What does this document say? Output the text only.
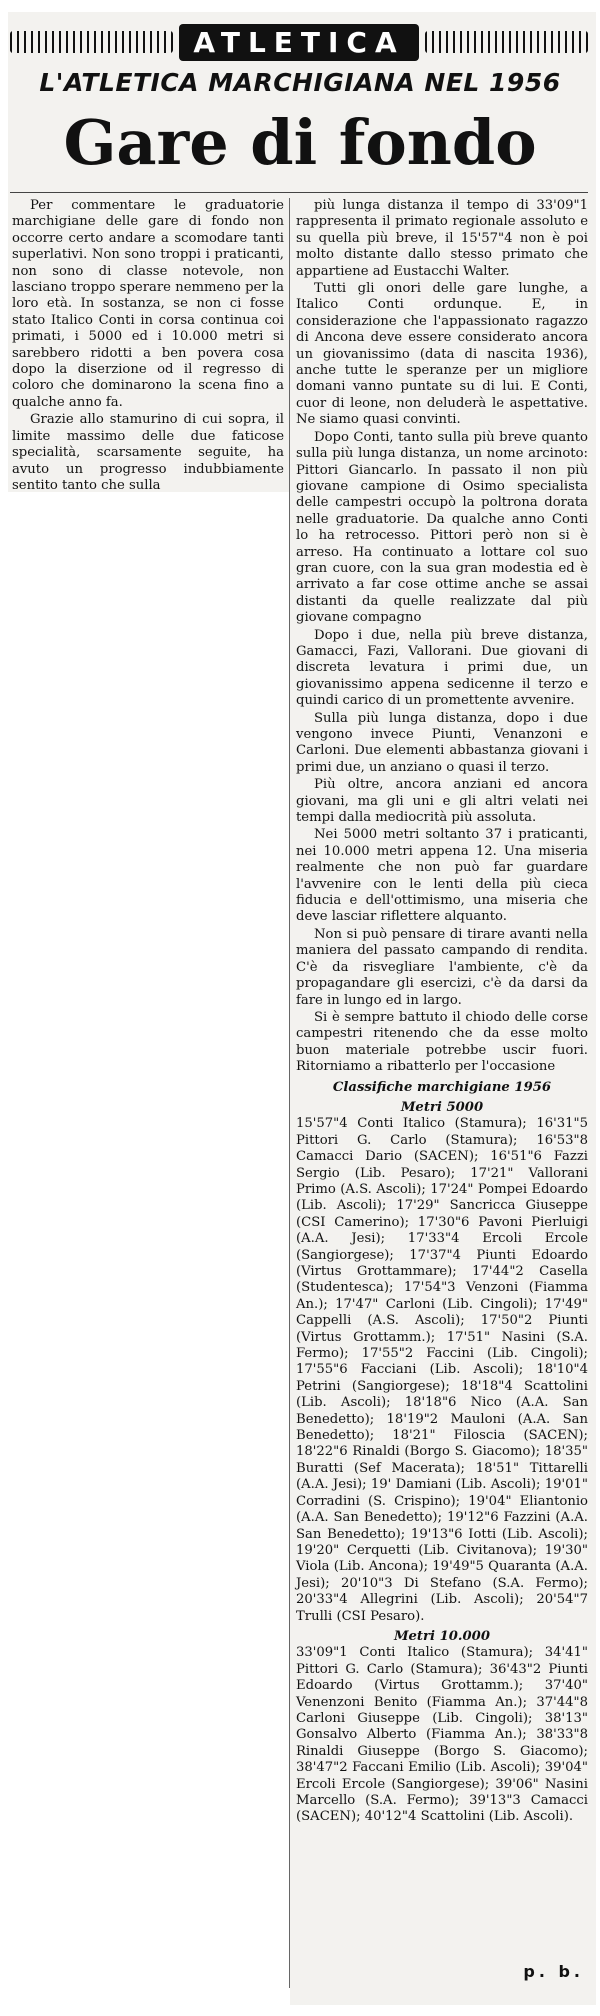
ATLETICA
L'ATLETICA MARCHIGIANA NEL 1956
Gare di fondo

Per commentare le graduatorie marchigiane delle gare di fondo non occorre certo andare a scomodare tanti superlativi. Non sono troppi i praticanti, non sono di classe notevole, non lasciano troppo sperare nemmeno per la loro età. In sostanza, se non ci fosse stato Italico Conti in corsa continua coi primati, i 5000 ed i 10.000 metri si sarebbero ridotti a ben povera cosa dopo la diserzione od il regresso di coloro che dominarono la scena fino a qualche anno fa.

Grazie allo stamurino di cui sopra, il limite massimo delle due faticose specialità, scarsamente seguite, ha avuto un progresso indubbiamente sentito tanto che sulla

più lunga distanza il tempo di 33'09"1 rappresenta il primato regionale assoluto e su quella più breve, il 15'57"4 non è poi molto distante dallo stesso primato che appartiene ad Eustacchi Walter.

Tutti gli onori delle gare lunghe, a Italico Conti ordunque. E, in considerazione che l'appassionato ragazzo di Ancona deve essere considerato ancora un giovanissimo (data di nascita 1936), anche tutte le speranze per un migliore domani vanno puntate su di lui. E Conti, cuor di leone, non deluderà le aspettative. Ne siamo quasi convinti.

Dopo Conti, tanto sulla più breve quanto sulla più lunga distanza, un nome arcinoto: Pittori Giancarlo. In passato il non più giovane campione di Osimo specialista delle campestri occupò la poltrona dorata nelle graduatorie. Da qualche anno Conti lo ha retrocesso. Pittori però non si è arreso. Ha continuato a lottare col suo gran cuore, con la sua gran modestia ed è arrivato a far cose ottime anche se assai distanti da quelle realizzate dal più giovane compagno

Dopo i due, nella più breve distanza, Gamacci, Fazi, Vallorani. Due giovani di discreta levatura i primi due, un giovanissimo appena sedicenne il terzo e quindi carico di un promettente avvenire.

Sulla più lunga distanza, dopo i due vengono invece Piunti, Venanzoni e Carloni. Due elementi abbastanza giovani i primi due, un anziano o quasi il terzo.

Più oltre, ancora anziani ed ancora giovani, ma gli uni e gli altri velati nei tempi dalla mediocrità più assoluta.

Nei 5000 metri soltanto 37 i praticanti, nei 10.000 metri appena 12. Una miseria realmente che non può far guardare l'avvenire con le lenti della più cieca fiducia e dell'ottimismo, una miseria che deve lasciar riflettere alquanto.

Non si può pensare di tirare avanti nella maniera del passato campando di rendita. C'è da risvegliare l'ambiente, c'è da propagandare gli esercizi, c'è da darsi da fare in lungo ed in largo.

Si è sempre battuto il chiodo delle corse campestri ritenendo che da esse molto buon materiale potrebbe uscir fuori. Ritorniamo a ribatterlo per l'occasione

Classifiche marchigiane 1956
Metri 5000

15'57"4 Conti Italico (Stamura); 16'31"5 Pittori G. Carlo (Stamura); 16'53"8 Camacci Dario (SACEN); 16'51"6 Fazzi Sergio (Lib. Pesaro); 17'21" Vallorani Primo (A.S. Ascoli); 17'24" Pompei Edoardo (Lib. Ascoli); 17'29" Sancricca Giuseppe (CSI Camerino); 17'30"6 Pavoni Pierluigi (A.A. Jesi); 17'33"4 Ercoli Ercole (Sangiorgese); 17'37"4 Piunti Edoardo (Virtus Grottammare); 17'44"2 Casella (Studentesca); 17'54"3 Venzoni (Fiamma An.); 17'47" Carloni (Lib. Cingoli); 17'49" Cappelli (A.S. Ascoli); 17'50"2 Piunti (Virtus Grottamm.); 17'51" Nasini (S.A. Fermo); 17'55"2 Faccini (Lib. Cingoli); 17'55"6 Facciani (Lib. Ascoli); 18'10"4 Petrini (Sangiorgese); 18'18"4 Scattolini (Lib. Ascoli); 18'18"6 Nico (A.A. San Benedetto); 18'19"2 Mauloni (A.A. San Benedetto); 18'21" Filoscia (SACEN); 18'22"6 Rinaldi (Borgo S. Giacomo); 18'35" Buratti (Sef Macerata); 18'51" Tittarelli (A.A. Jesi); 19' Damiani (Lib. Ascoli); 19'01" Corradini (S. Crispino); 19'04" Eliantonio (A.A. San Benedetto); 19'12"6 Fazzini (A.A. San Benedetto); 19'13"6 Iotti (Lib. Ascoli); 19'20" Cerquetti (Lib. Civitanova); 19'30" Viola (Lib. Ancona); 19'49"5 Quaranta (A.A. Jesi); 20'10"3 Di Stefano (S.A. Fermo); 20'33"4 Allegrini (Lib. Ascoli); 20'54"7 Trulli (CSI Pesaro).

Metri 10.000

33'09"1 Conti Italico (Stamura); 34'41" Pittori G. Carlo (Stamura); 36'43"2 Piunti Edoardo (Virtus Grottamm.); 37'40" Venenzoni Benito (Fiamma An.); 37'44"8 Carloni Giuseppe (Lib. Cingoli); 38'13" Gonsalvo Alberto (Fiamma An.); 38'33"8 Rinaldi Giuseppe (Borgo S. Giacomo); 38'47"2 Faccani Emilio (Lib. Ascoli); 39'04" Ercoli Ercole (Sangiorgese); 39'06" Nasini Marcello (S.A. Fermo); 39'13"3 Camacci (SACEN); 40'12"4 Scattolini (Lib. Ascoli).

p. b.
